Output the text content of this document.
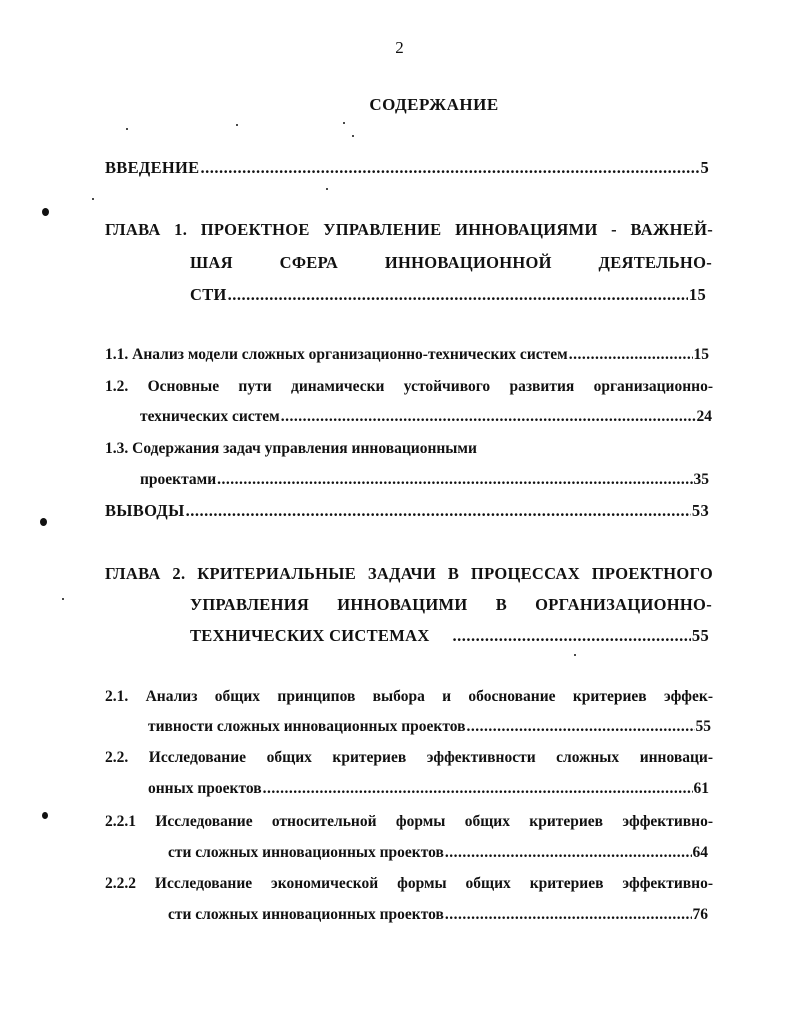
2
СОДЕРЖАНИЕ
ВВЕДЕНИЕ .....	5
ГЛАВА 1. ПРОЕКТНОЕ УПРАВЛЕНИЕ ИННОВАЦИЯМИ - ВАЖНЕЙ-
ШАЯ СФЕРА ИННОВАЦИОННОЙ ДЕЯТЕЛЬНО-
СТИ .....	15
1.1. Анализ модели сложных организационно-технических систем .....	15
1.2. Основные пути динамически устойчивого развития организационно-
технических систем .....	24
1.3. Содержания задач управления инновационными
проектами .....	35
ВЫВОДЫ .....	53
ГЛАВА 2. КРИТЕРИАЛЬНЫЕ ЗАДАЧИ В ПРОЦЕССАХ ПРОЕКТНОГО
УПРАВЛЕНИЯ ИННОВАЦИМИ В ОРГАНИЗАЦИОННО-
ТЕХНИЧЕСКИХ СИСТЕМАХ .....	55
2.1. Анализ общих принципов выбора и обоснование критериев эффек-
тивности сложных инновационных проектов .....	55
2.2. Исследование общих критериев эффективности сложных инноваци-
онных проектов .....	61
2.2.1 Исследование относительной формы общих критериев эффективно-
сти сложных инновационных проектов .....	64
2.2.2 Исследование экономической формы общих критериев эффективно-
сти сложных инновационных проектов .....	76
